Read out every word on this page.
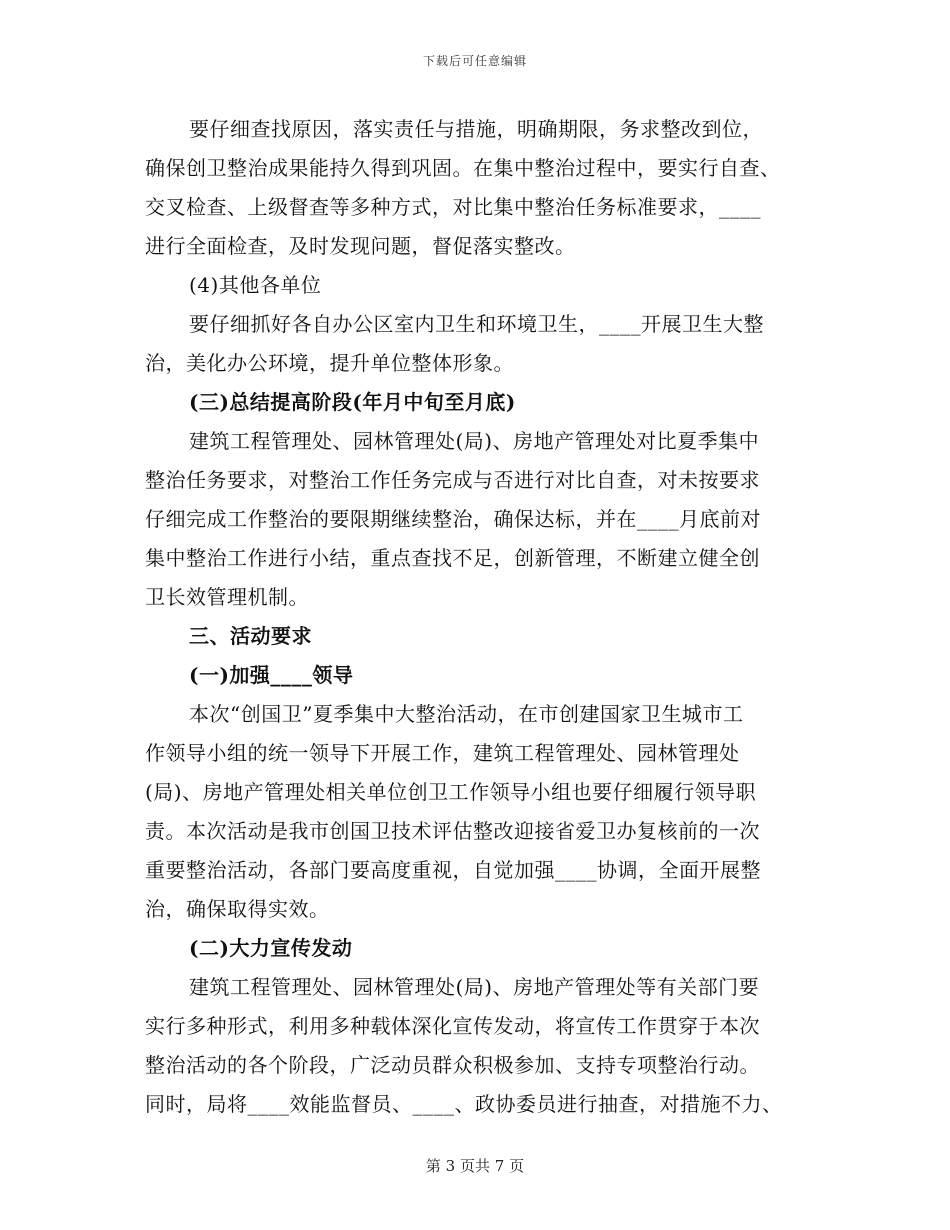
下载后可任意编辑
要仔细查找原因，落实责任与措施，明确期限，务求整改到位，
确保创卫整治成果能持久得到巩固。在集中整治过程中，要实行自查、
交叉检查、上级督查等多种方式，对比集中整治任务标准要求，____
进行全面检查，及时发现问题，督促落实整改。
(4)其他各单位
要仔细抓好各自办公区室内卫生和环境卫生，____开展卫生大整
治，美化办公环境，提升单位整体形象。
(三)总结提高阶段(年月中旬至月底)
建筑工程管理处、园林管理处(局)、房地产管理处对比夏季集中
整治任务要求，对整治工作任务完成与否进行对比自查，对未按要求
仔细完成工作整治的要限期继续整治，确保达标，并在____月底前对
集中整治工作进行小结，重点查找不足，创新管理，不断建立健全创
卫长效管理机制。
三、活动要求
(一)加强____领导
本次“创国卫”夏季集中大整治活动，在市创建国家卫生城市工
作领导小组的统一领导下开展工作，建筑工程管理处、园林管理处
(局)、房地产管理处相关单位创卫工作领导小组也要仔细履行领导职
责。本次活动是我市创国卫技术评估整改迎接省爱卫办复核前的一次
重要整治活动，各部门要高度重视，自觉加强____协调，全面开展整
治，确保取得实效。
(二)大力宣传发动
建筑工程管理处、园林管理处(局)、房地产管理处等有关部门要
实行多种形式，利用多种载体深化宣传发动，将宣传工作贯穿于本次
整治活动的各个阶段，广泛动员群众积极参加、支持专项整治行动。
同时，局将____效能监督员、____、政协委员进行抽查，对措施不力、
第 3 页共 7 页
